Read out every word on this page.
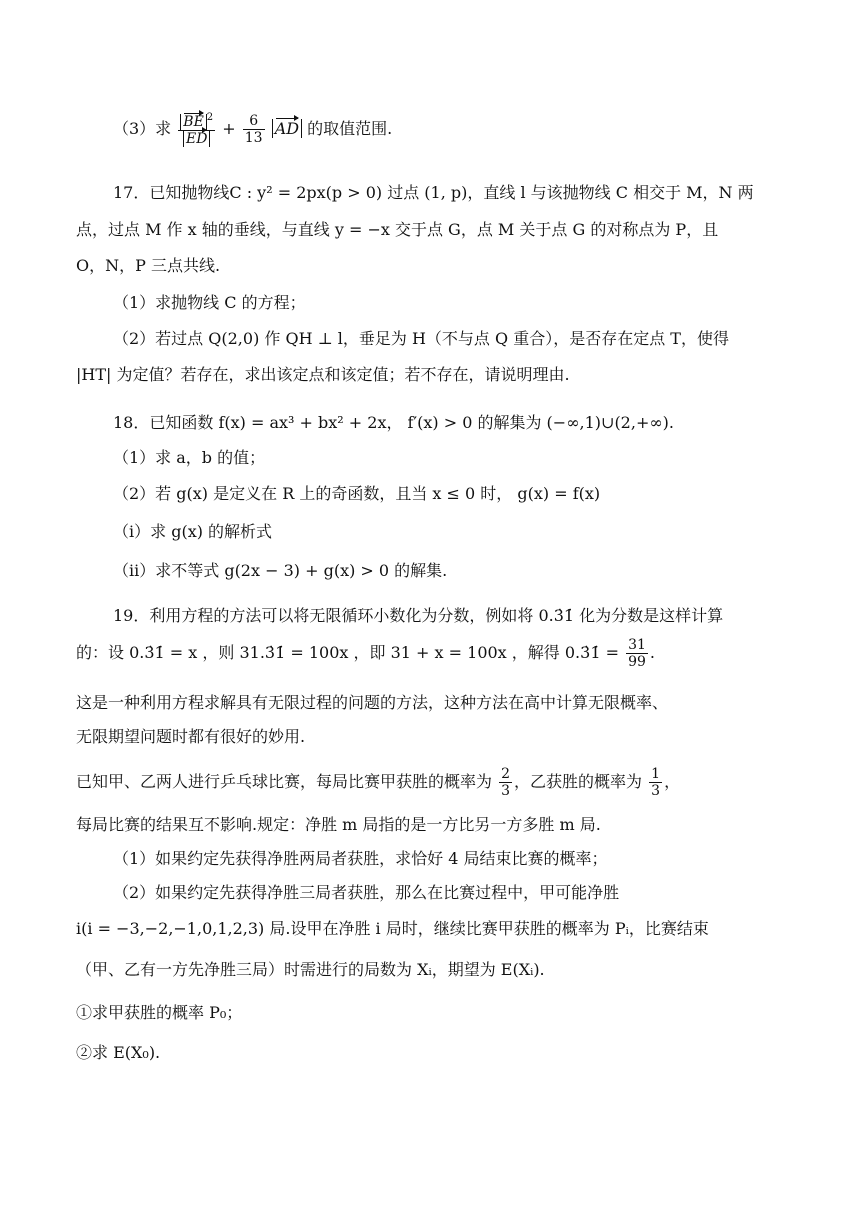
（3）求 $\frac{BE ^2}{ED} + \frac{6}{13}$ AD 的取值范围.
17．已知抛物线C : y² = 2px(p > 0) 过点 (1, p)，直线 l 与该抛物线 C 相交于 M，N 两
点，过点 M 作 x 轴的垂线，与直线 y = −x 交于点 G，点 M 关于点 G 的对称点为 P，且
O，N，P 三点共线.
（1）求抛物线 C 的方程；
（2）若过点 Q(2,0) 作 QH ⊥ l，垂足为 H（不与点 Q 重合），是否存在定点 T，使得
|HT| 为定值？若存在，求出该定点和该定值；若不存在，请说明理由.
18．已知函数 f(x) = ax³ + bx² + 2x， f′(x) > 0 的解集为 (−∞,1)∪(2,+∞).
（1）求 a，b 的值；
（2）若 g(x) 是定义在 R 上的奇函数，且当 x ≤ 0 时， g(x) = f(x)
（ⅰ）求 g(x) 的解析式
（ⅱ）求不等式 g(2x − 3) + g(x) > 0 的解集.
19．利用方程的方法可以将无限循环小数化为分数，例如将 0.3̇1̇ 化为分数是这样计算
的：设 0.3̇1̇ = x ，则 31.3̇1̇ = 100x ，即 31 + x = 100x ，解得 0.3̇1̇ = $\frac{31}{99}$ .
这是一种利用方程求解具有无限过程的问题的方法，这种方法在高中计算无限概率、
无限期望问题时都有很好的妙用.
已知甲、乙两人进行乒乓球比赛，每局比赛甲获胜的概率为 $\frac{2}{3}$ ，乙获胜的概率为 $\frac{1}{3}$ ，
每局比赛的结果互不影响.规定：净胜 m 局指的是一方比另一方多胜 m 局.
（1）如果约定先获得净胜两局者获胜，求恰好 4 局结束比赛的概率；
（2）如果约定先获得净胜三局者获胜，那么在比赛过程中，甲可能净胜
i(i = −3,−2,−1,0,1,2,3) 局.设甲在净胜 i 局时，继续比赛甲获胜的概率为 Pᵢ，比赛结束
（甲、乙有一方先净胜三局）时需进行的局数为 Xᵢ，期望为 E(Xᵢ).
①求甲获胜的概率 P₀；
②求 E(X₀).
